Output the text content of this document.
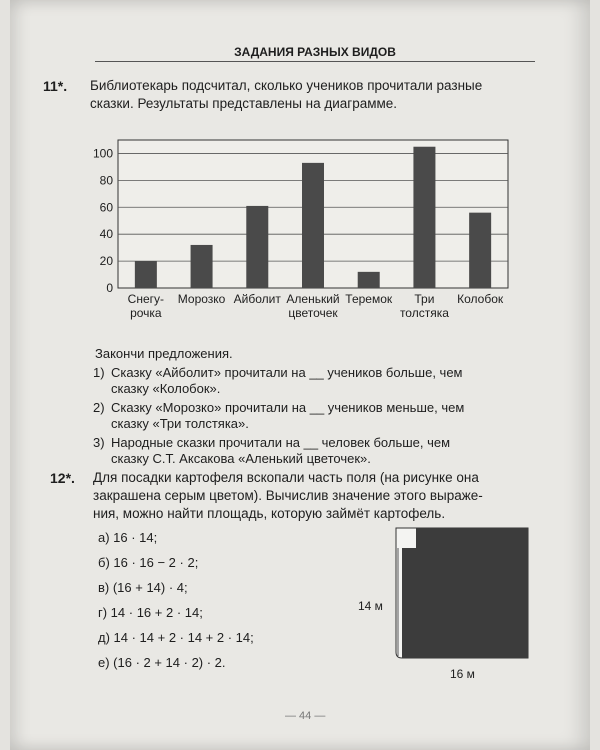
ЗАДАНИЯ РАЗНЫХ ВИДОВ
11*. Библиотекарь подсчитал, сколько учеников прочитали разные
сказки. Результаты представлены на диаграмме.
0
20
40
60
80
100
Снегу-
рочка
Морозко Айболит Аленький
цветочек
Теремок Три
толстяка
Колобок
Закончи предложения.
1) Сказку «Айболит» прочитали на __ учеников больше, чем
сказку «Колобок».
2) Сказку «Морозко» прочитали на __ учеников меньше, чем
сказку «Три толстяка».
3) Народные сказки прочитали на __ человек больше, чем
сказку С.Т. Аксакова «Аленький цветочек».
12*. Для посадки картофеля вскопали часть поля (на рисунке она
закрашена серым цветом). Вычислив значение этого выраже-
ния, можно найти площадь, которую займёт картофель.
а) 16 · 14;
б) 16 · 16 − 2 · 2;
в) (16 + 14) · 4;
г) 14 · 16 + 2 · 14;
д) 14 · 14 + 2 · 14 + 2 · 14;
е) (16 · 2 + 14 · 2) · 2.
14 м
16 м
— 44 —
